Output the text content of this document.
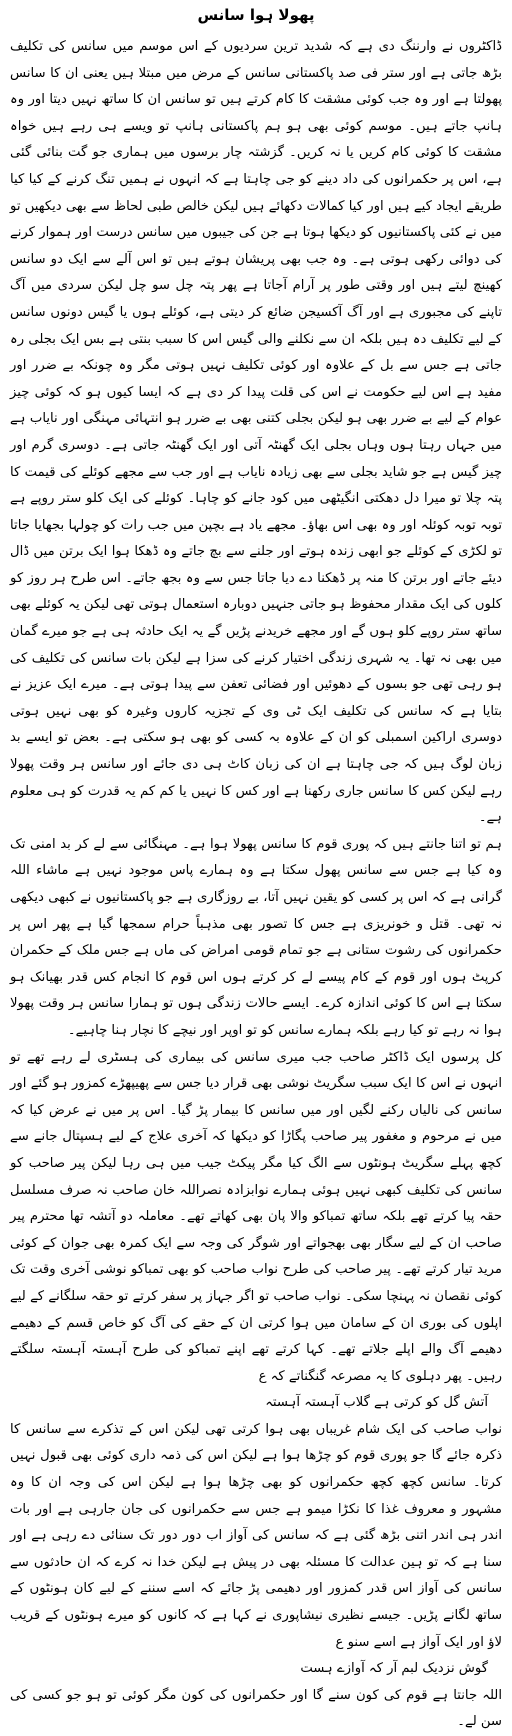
پھولا ہوا سانس

ڈاکٹروں نے وارننگ دی ہے کہ شدید ترین سردیوں کے اس موسم میں سانس کی تکلیف بڑھ جاتی ہے اور ستر فی صد پاکستانی سانس کے مرض میں مبتلا ہیں یعنی ان کا سانس پھولتا ہے اور وہ جب کوئی مشقت کا کام کرتے ہیں تو سانس ان کا ساتھ نہیں دیتا اور وہ ہانپ جاتے ہیں۔ موسم کوئی بھی ہو ہم پاکستانی ہانپ تو ویسے ہی رہے ہیں خواہ مشقت کا کوئی کام کریں یا نہ کریں۔ گزشتہ چار برسوں میں ہماری جو گت بنائی گئی ہے، اس پر حکمرانوں کی داد دینے کو جی چاہتا ہے کہ انہوں نے ہمیں تنگ کرنے کے کیا کیا طریقے ایجاد کیے ہیں اور کیا کمالات دکھائے ہیں لیکن خالص طبی لحاظ سے بھی دیکھیں تو میں نے کئی پاکستانیوں کو دیکھا ہوتا ہے جن کی جیبوں میں سانس درست اور ہموار کرنے کی دوائی رکھی ہوتی ہے۔ وہ جب بھی پریشان ہوتے ہیں تو اس آلے سے ایک دو سانس کھینچ لیتے ہیں اور وقتی طور پر آرام آجاتا ہے پھر پتہ چل سو چل لیکن سردی میں آگ تاپنے کی مجبوری ہے اور آگ آکسیجن ضائع کر دیتی ہے، کوئلے ہوں یا گیس دونوں سانس کے لیے تکلیف دہ ہیں بلکہ ان سے نکلنے والی گیس اس کا سبب بنتی ہے بس ایک بجلی رہ جاتی ہے جس سے بل کے علاوہ اور کوئی تکلیف نہیں ہوتی مگر وہ چونکہ بے ضرر اور مفید ہے اس لیے حکومت نے اس کی قلت پیدا کر دی ہے کہ ایسا کیوں ہو کہ کوئی چیز عوام کے لیے بے ضرر بھی ہو لیکن بجلی کتنی بھی بے ضرر ہو انتہائی مہنگی اور نایاب ہے میں جہاں رہتا ہوں وہاں بجلی ایک گھنٹہ آتی اور ایک گھنٹہ جاتی ہے۔ دوسری گرم اور چیز گیس ہے جو شاید بجلی سے بھی زیادہ نایاب ہے اور جب سے مجھے کوئلے کی قیمت کا پتہ چلا تو میرا دل دھکتی انگیٹھی میں کود جانے کو چاہا۔ کوئلے کی ایک کلو ستر روپے ہے توبہ توبہ کوئلہ اور وہ بھی اس بھاؤ۔ مجھے یاد ہے بچپن میں جب رات کو چولہا بجھایا جاتا تو لکڑی کے کوئلے جو ابھی زندہ ہوتے اور جلنے سے بچ جاتے وہ ڈھکا ہوا ایک برتن میں ڈال دیئے جاتے اور برتن کا منہ پر ڈھکنا دے دیا جاتا جس سے وہ بجھ جاتے۔ اس طرح ہر روز کو کلوں کی ایک مقدار محفوظ ہو جاتی جنہیں دوبارہ استعمال ہوتی تھی لیکن یہ کوئلے بھی ساتھ ستر روپے کلو ہوں گے اور مجھے خریدنے پڑیں گے یہ ایک حادثہ ہی ہے جو میرے گمان میں بھی نہ تھا۔ یہ شہری زندگی اختیار کرنے کی سزا ہے لیکن بات سانس کی تکلیف کی ہو رہی تھی جو بسوں کے دھوئیں اور فضائی تعفن سے پیدا ہوتی ہے۔ میرے ایک عزیز نے بتایا ہے کہ سانس کی تکلیف ایک ٹی وی کے تجزیہ کاروں وغیرہ کو بھی نہیں ہوتی دوسری اراکین اسمبلی کو ان کے علاوہ بہ کسی کو بھی ہو سکتی ہے۔ بعض تو ایسے بد زبان لوگ ہیں کہ جی چاہتا ہے ان کی زبان کاٹ ہی دی جائے اور سانس ہر وقت پھولا رہے لیکن کس کا سانس جاری رکھنا ہے اور کس کا نہیں یا کم کم یہ قدرت کو ہی معلوم ہے۔

ہم تو اتنا جانتے ہیں کہ پوری قوم کا سانس پھولا ہوا ہے۔ مہنگائی سے لے کر بد امنی تک وہ کیا ہے جس سے سانس پھول سکتا ہے وہ ہمارے پاس موجود نہیں ہے ماشاء اللہ گرانی ہے کہ اس پر کسی کو یقین نہیں آتا، بے روزگاری ہے جو پاکستانیوں نے کبھی دیکھی نہ تھی۔ قتل و خونریزی ہے جس کا تصور بھی مذہباً حرام سمجھا گیا ہے پھر اس پر حکمرانوں کی رشوت ستانی ہے جو تمام قومی امراض کی ماں ہے جس ملک کے حکمران کرپٹ ہوں اور قوم کے کام پیسے لے کر کرتے ہوں اس قوم کا انجام کس قدر بھیانک ہو سکتا ہے اس کا کوئی اندازہ کرے۔ ایسے حالات زندگی ہوں تو ہمارا سانس ہر وقت پھولا ہوا نہ رہے تو کیا رہے بلکہ ہمارے سانس کو تو اوپر اور نیچے کا نچار ہنا چاہیے۔

کل پرسوں ایک ڈاکٹر صاحب جب میری سانس کی بیماری کی ہسٹری لے رہے تھے تو انہوں نے اس کا ایک سبب سگریٹ نوشی بھی قرار دیا جس سے پھیپھڑے کمزور ہو گئے اور سانس کی نالیاں رکنے لگیں اور میں سانس کا بیمار پڑ گیا۔ اس پر میں نے عرض کیا کہ میں نے مرحوم و مغفور پیر صاحب پگاڑا کو دیکھا کہ آخری علاج کے لیے ہسپتال جانے سے کچھ پہلے سگریٹ ہونٹوں سے الگ کیا مگر پیکٹ جیب میں ہی رہا لیکن پیر صاحب کو سانس کی تکلیف کبھی نہیں ہوئی ہمارے نوابزادہ نصراللہ خان صاحب نہ صرف مسلسل حقہ پیا کرتے تھے بلکہ ساتھ تمباکو والا پان بھی کھاتے تھے۔ معاملہ دو آتشہ تھا محترم پیر صاحب ان کے لیے سگار بھی بھجواتے اور شوگر کی وجہ سے ایک کمرہ بھی جوان کے کوئی مرید تیار کرتے تھے۔ پیر صاحب کی طرح نواب صاحب کو بھی تمباکو نوشی آخری وقت تک کوئی نقصان نہ پہنچا سکی۔ نواب صاحب تو اگر جہاز پر سفر کرتے تو حقہ سلگانے کے لیے اپلوں کی بوری ان کے سامان میں ہوا کرتی ان کے حقے کی آگ کو خاص قسم کے دھیمے دھیمے آگ والے اپلے جلاتے تھے۔ کہا کرتے تھے اپنے تمباکو کی طرح آہستہ آہستہ سلگتے رہیں۔ پھر دہلوی کا یہ مصرعہ گنگناتے کہ ع

آتش گل کو کرتی ہے گلاب آہستہ آہستہ

نواب صاحب کی ایک شام غریباں بھی ہوا کرتی تھی لیکن اس کے تذکرے سے سانس کا ذکرہ جائے گا جو پوری قوم کو چڑھا ہوا ہے لیکن اس کی ذمہ داری کوئی بھی قبول نہیں کرتا۔ سانس کچھ کچھ حکمرانوں کو بھی چڑھا ہوا ہے لیکن اس کی وجہ ان کا وہ مشہور و معروف غذا کا نکڑا میمو ہے جس سے حکمرانوں کی جان جارہی ہے اور بات اندر ہی اندر اتنی بڑھ گئی ہے کہ سانس کی آواز اب دور دور تک سنائی دے رہی ہے اور سنا ہے کہ تو ہین عدالت کا مسئلہ بھی در پیش ہے لیکن خدا نہ کرے کہ ان حادثوں سے سانس کی آواز اس قدر کمزور اور دھیمی پڑ جائے کہ اسے سننے کے لیے کان ہونٹوں کے ساتھ لگانے پڑیں۔ جیسے نظیری نیشاپوری نے کہا ہے کہ کانوں کو میرے ہونٹوں کے قریب لاؤ اور ایک آواز ہے اسے سنو ع

گوش نزدیک لبم آر کہ آوازے ہست

اللہ جانتا ہے قوم کی کون سنے گا اور حکمرانوں کی کون مگر کوئی تو ہو جو کسی کی سن لے۔
